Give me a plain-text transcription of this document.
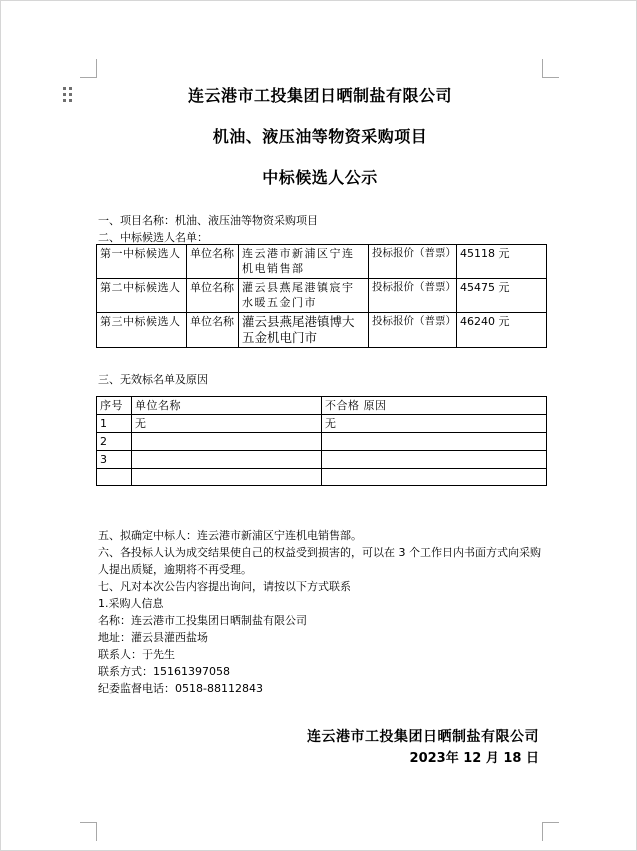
连云港市工投集团日晒制盐有限公司
机油、液压油等物资采购项目
中标候选人公示
一、项目名称：机油、液压油等物资采购项目
二、中标候选人名单：
第一中标候选人	单位名称	连云港市新浦区宁连机电销售部	投标报价（普票）	45118 元
第二中标候选人	单位名称	灌云县燕尾港镇宸宇水暖五金门市	投标报价（普票）	45475 元
第三中标候选人	单位名称	灌云县燕尾港镇博大五金机电门市	投标报价（普票）	46240 元
三、无效标名单及原因
序号	单位名称	不合格 原因
1	无	无
2		
3		

五、拟确定中标人：连云港市新浦区宁连机电销售部。
六、各投标人认为成交结果使自己的权益受到损害的，可以在 3 个工作日内书面方式向采购人提出质疑，逾期将不再受理。
七、凡对本次公告内容提出询问，请按以下方式联系
1.采购人信息
名称：连云港市工投集团日晒制盐有限公司
地址：灌云县灌西盐场
联系人：于先生
联系方式：15161397058
纪委监督电话：0518-88112843
连云港市工投集团日晒制盐有限公司
2023年 12 月 18 日
